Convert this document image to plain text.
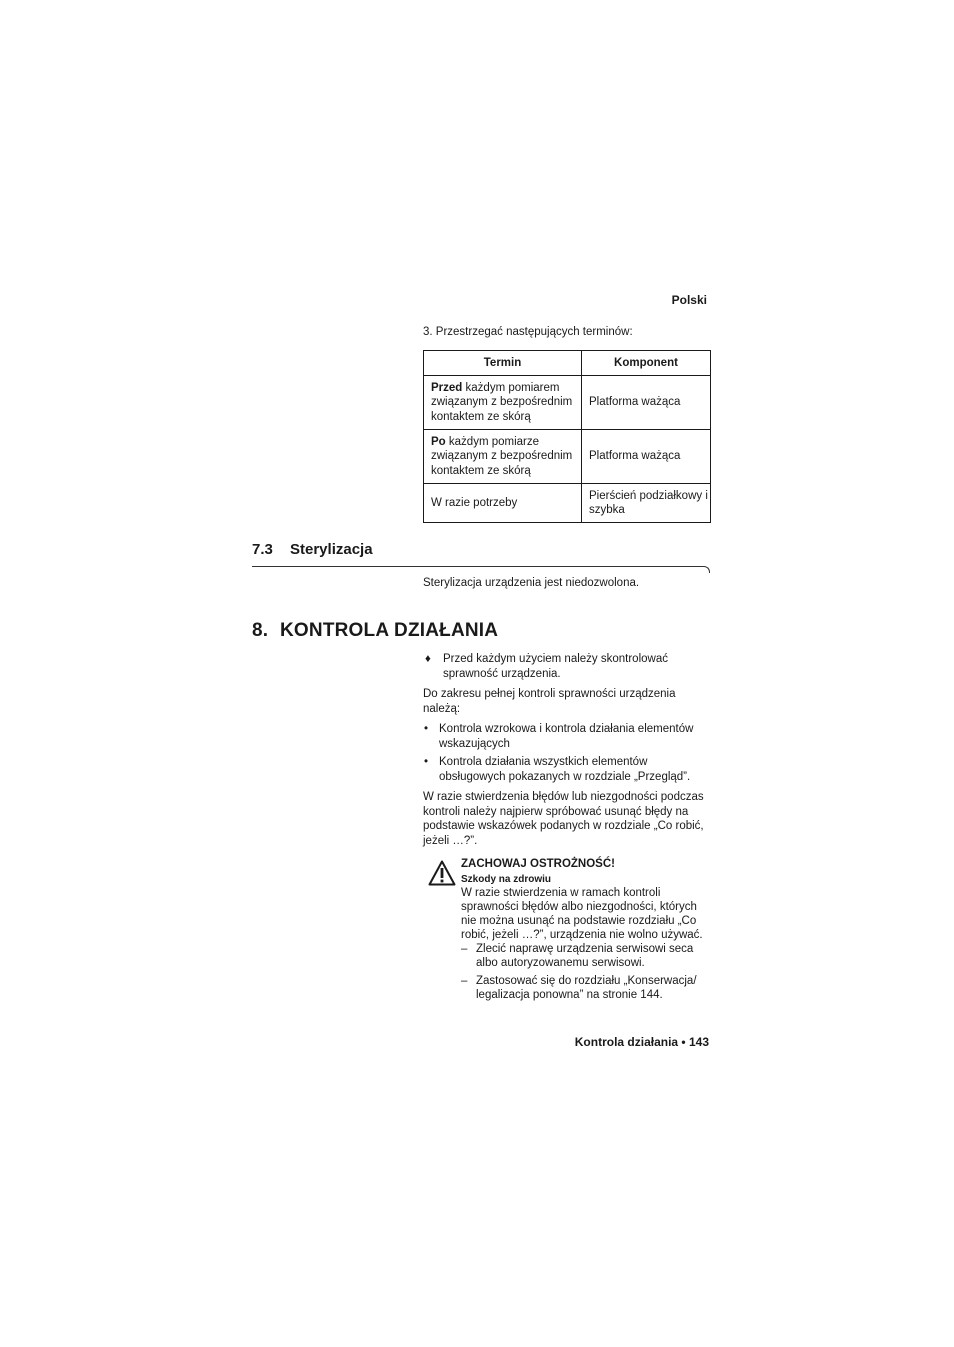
Polski
3. Przestrzegać następujących terminów:
Termin	Komponent
Przed każdym pomiarem związanym z bezpośrednim kontaktem ze skórą	Platforma ważąca
Po każdym pomiarze związanym z bezpośrednim kontaktem ze skórą	Platforma ważąca
W razie potrzeby	Pierścień podziałkowy i szybka
7.3 Sterylizacja
Sterylizacja urządzenia jest niedozwolona.
8. KONTROLA DZIAŁANIA
♦	Przed każdym użyciem należy skontrolować sprawność urządzenia.
Do zakresu pełnej kontroli sprawności urządzenia należą:
• Kontrola wzrokowa i kontrola działania elementów wskazujących
• Kontrola działania wszystkich elementów obsługowych pokazanych w rozdziale „Przegląd”.
W razie stwierdzenia błędów lub niezgodności podczas kontroli należy najpierw spróbować usunąć błędy na podstawie wskazówek podanych w rozdziale „Co robić, jeżeli …?”.
ZACHOWAJ OSTROŻNOŚĆ!
Szkody na zdrowiu
W razie stwierdzenia w ramach kontroli sprawności błędów albo niezgodności, których nie można usunąć na podstawie rozdziału „Co robić, jeżeli …?”, urządzenia nie wolno używać.
– Zlecić naprawę urządzenia serwisowi seca albo autoryzowanemu serwisowi.
– Zastosować się do rozdziału „Konserwacja/ legalizacja ponowna” na stronie 144.
Kontrola działania • 143
